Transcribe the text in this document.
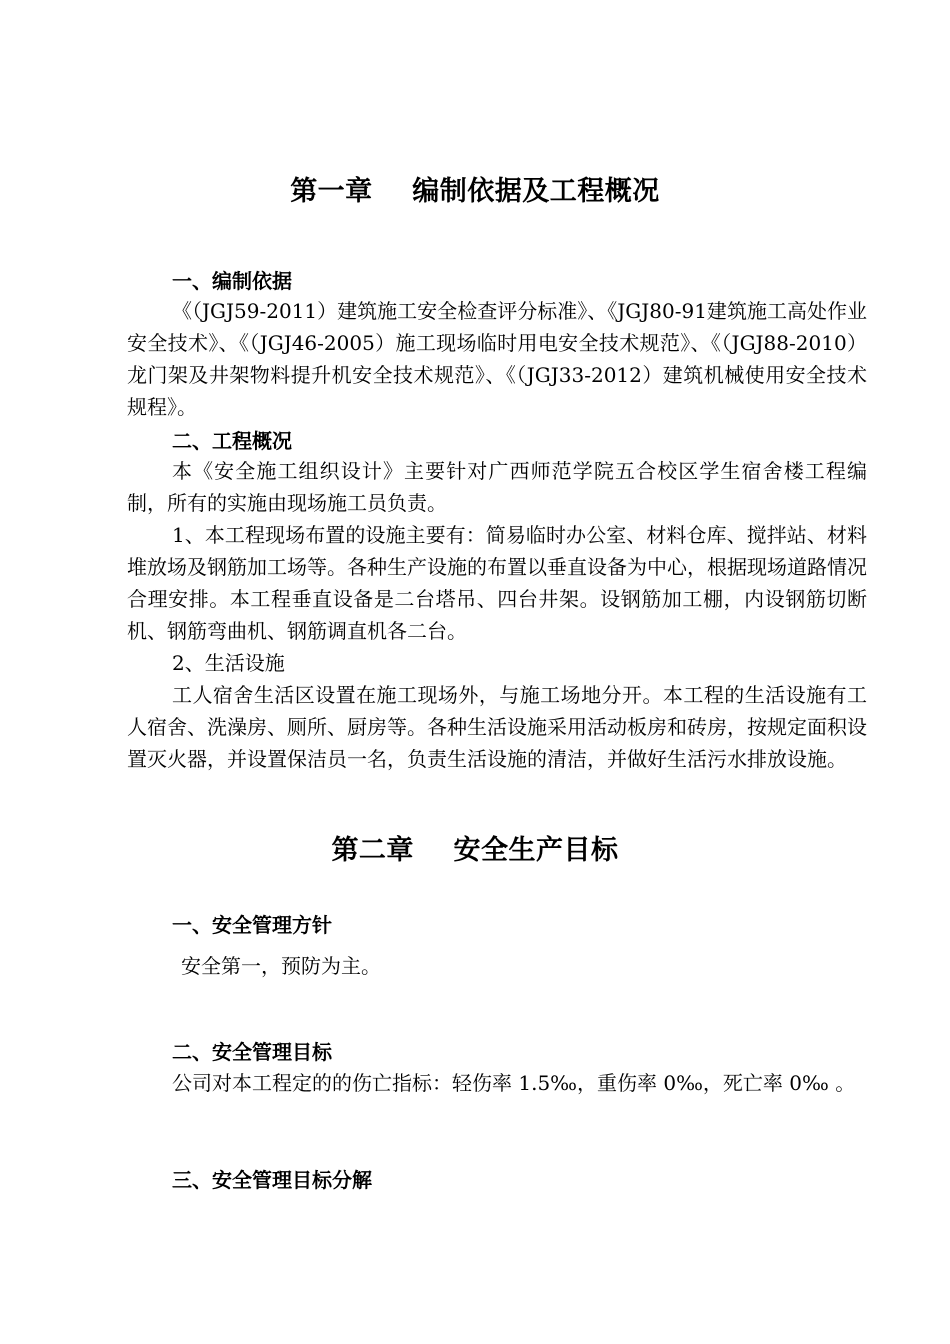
第一章    编制依据及工程概况
一、编制依据
《（JGJ59-2011）建筑施工安全检查评分标准》、《JGJ80-91建筑施工高处作业安全技术》、《（JGJ46-2005）施工现场临时用电安全技术规范》、《（JGJ88-2010）龙门架及井架物料提升机安全技术规范》、《（JGJ33-2012）建筑机械使用安全技术规程》。
二、工程概况
本《安全施工组织设计》主要针对广西师范学院五合校区学生宿舍楼工程编制，所有的实施由现场施工员负责。
1、本工程现场布置的设施主要有：简易临时办公室、材料仓库、搅拌站、材料堆放场及钢筋加工场等。各种生产设施的布置以垂直设备为中心，根据现场道路情况合理安排。本工程垂直设备是二台塔吊、四台井架。设钢筋加工棚，内设钢筋切断机、钢筋弯曲机、钢筋调直机各二台。
2、生活设施
工人宿舍生活区设置在施工现场外，与施工场地分开。本工程的生活设施有工人宿舍、洗澡房、厕所、厨房等。各种生活设施采用活动板房和砖房，按规定面积设置灭火器，并设置保洁员一名，负责生活设施的清洁，并做好生活污水排放设施。
第二章    安全生产目标
一、安全管理方针
安全第一，预防为主。
二、安全管理目标
公司对本工程定的的伤亡指标：轻伤率 1.5‰，重伤率 0‰，死亡率 0‰ 。
三、安全管理目标分解
